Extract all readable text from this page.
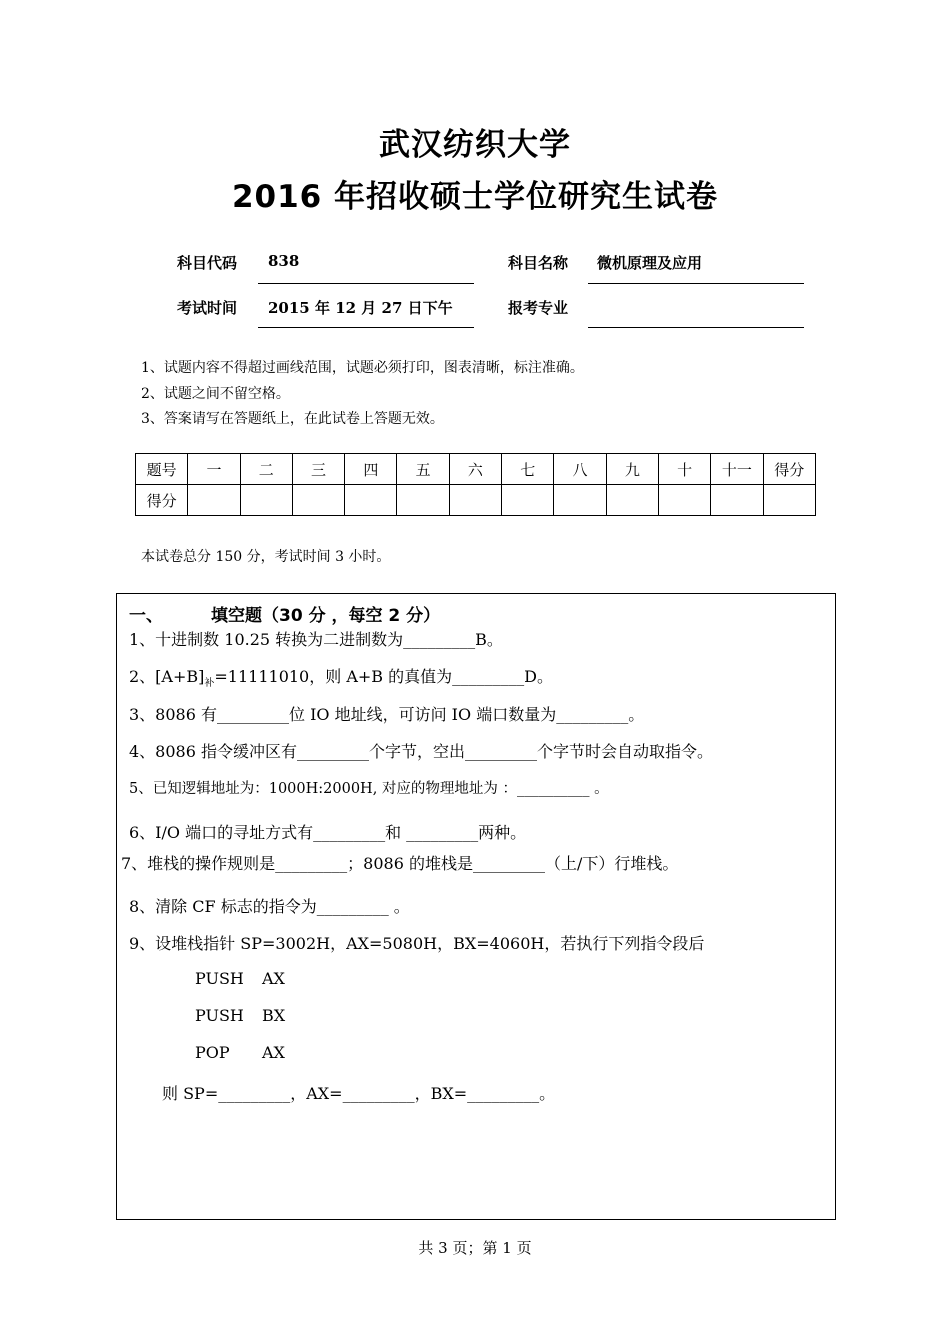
武汉纺织大学
2016 年招收硕士学位研究生试卷
科目代码 838	科目名称 微机原理及应用
考试时间 2015 年 12 月 27 日下午	报考专业
1、试题内容不得超过画线范围，试题必须打印，图表清晰，标注准确。
2、试题之间不留空格。
3、答案请写在答题纸上，在此试卷上答题无效。
题号	一	二	三	四	五	六	七	八	九	十	十一	得分
得分												
本试卷总分 150 分，考试时间 3 小时。
一、	填空题（30 分 ，每空 2 分）
1、十进制数 10.25 转换为二进制数为_________B。
2、$[A+B]_补=11111010$，则 A+B 的真值为_________D。
3、8086 有_________位 IO 地址线，可访问 IO 端口数量为_________。
4、8086 指令缓冲区有_________个字节，空出_________个字节时会自动取指令。
5、已知逻辑地址为：1000H:2000H, 对应的物理地址为 ：__________ 。
6、I/O 端口的寻址方式有_________和 _________两种。
7、堆栈的操作规则是_________；8086 的堆栈是_________（上/下）行堆栈。
8、清除 CF 标志的指令为_________ 。
9、设堆栈指针 SP=3002H，AX=5080H，BX=4060H，若执行下列指令段后
PUSH AX
PUSH BX
POP AX
则 SP=_________，AX=_________，BX=_________。
共 3 页；第 1 页
